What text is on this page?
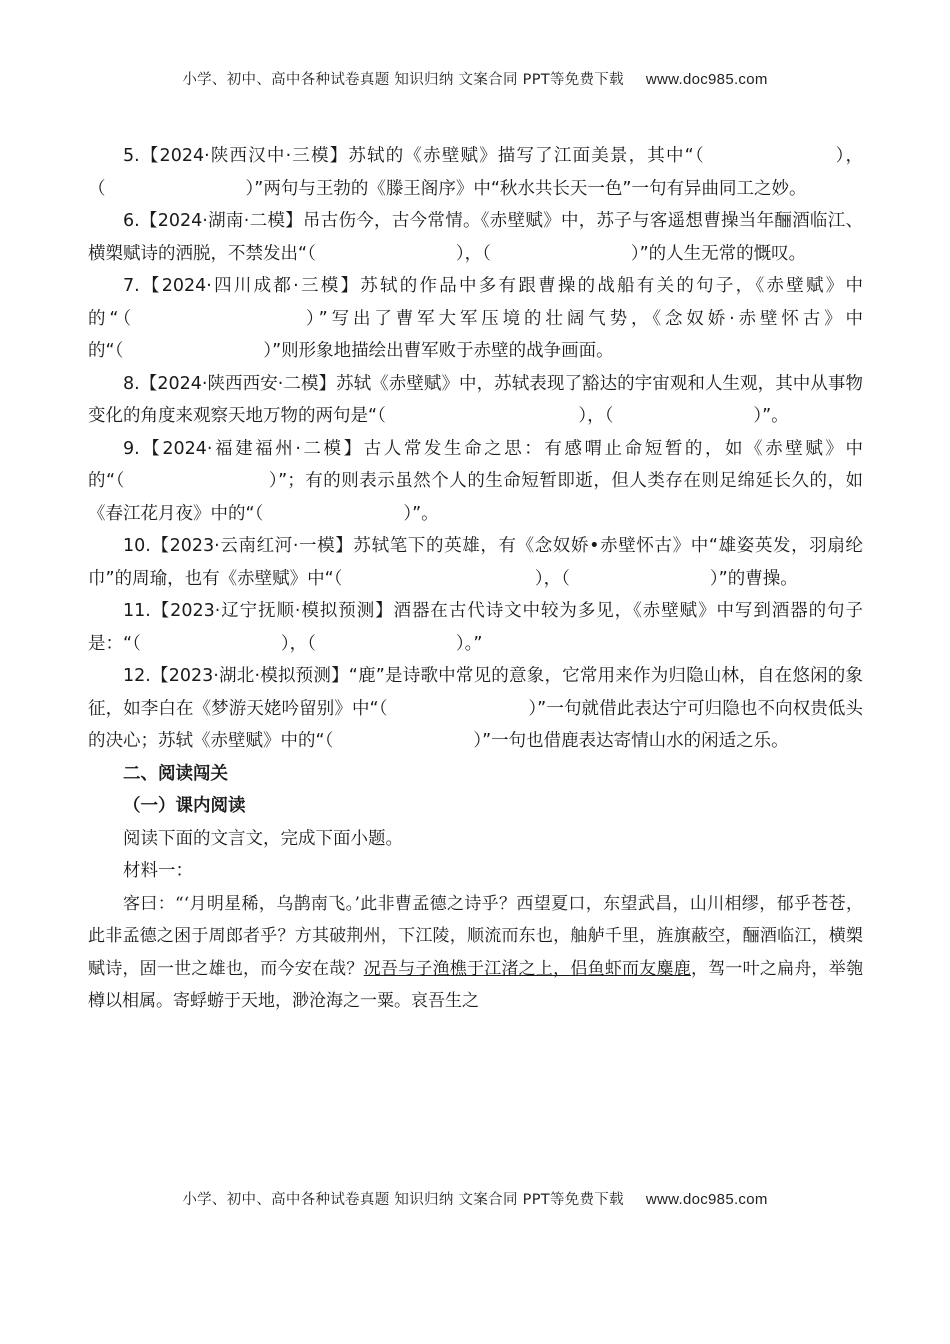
小学、初中、高中各种试卷真题 知识归纳 文案合同 PPT等免费下载 www.doc985.com

5.【2024·陕西汉中·三模】苏轼的《赤壁赋》描写了江面美景，其中“（　　　　　　　），（　　　　　　　　）”两句与王勃的《滕王阁序》中“秋水共长天一色”一句有异曲同工之妙。

6.【2024·湖南·二模】吊古伤今，古今常情。《赤壁赋》中，苏子与客遥想曹操当年酾酒临江、横槊赋诗的洒脱，不禁发出“（　　　　　　　　），（　　　　　　　　）”的人生无常的慨叹。

7.【2024·四川成都·三模】苏轼的作品中多有跟曹操的战船有关的句子，《赤壁赋》中的“（　　　　　　　　）”写出了曹军大军压境的壮阔气势，《念奴娇·赤壁怀古》中的“（　　　　　　　　）”则形象地描绘出曹军败于赤壁的战争画面。

8.【2024·陕西西安·二模】苏轼《赤壁赋》中，苏轼表现了豁达的宇宙观和人生观，其中从事物变化的角度来观察天地万物的两句是“（　　　　　　　　　　　），（　　　　　　　　）”。

9.【2024·福建福州·二模】古人常发生命之思：有感喟止命短暂的，如《赤壁赋》中的“（　　　　　　　　）”；有的则表示虽然个人的生命短暂即逝，但人类存在则足绵延长久的，如《春江花月夜》中的“（　　　　　　　　）”。

10.【2023·云南红河·一模】苏轼笔下的英雄，有《念奴娇•赤壁怀古》中“雄姿英发，羽扇纶巾”的周瑜，也有《赤壁赋》中“（　　　　　　　　　　　），（　　　　　　　　）”的曹操。

11.【2023·辽宁抚顺·模拟预测】酒器在古代诗文中较为多见，《赤壁赋》中写到酒器的句子是：“（　　　　　　　　），（　　　　　　　　）。”

12.【2023·湖北·模拟预测】“鹿”是诗歌中常见的意象，它常用来作为归隐山林，自在悠闲的象征，如李白在《梦游天姥吟留别》中“（　　　　　　　　）”一句就借此表达宁可归隐也不向权贵低头的决心；苏轼《赤壁赋》中的“（　　　　　　　　）”一句也借鹿表达寄情山水的闲适之乐。

二、阅读闯关

（一）课内阅读

阅读下面的文言文，完成下面小题。

材料一：

客曰：“‘月明星稀，乌鹊南飞。’此非曹孟德之诗乎？西望夏口，东望武昌，山川相缪，郁乎苍苍，此非孟德之困于周郎者乎？方其破荆州，下江陵，顺流而东也，舳舻千里，旌旗蔽空，酾酒临江，横槊赋诗，固一世之雄也，而今安在哉？况吾与子渔樵于江渚之上，侣鱼虾而友麋鹿，驾一叶之扁舟，举匏樽以相属。寄蜉蝣于天地，渺沧海之一粟。哀吾生之

小学、初中、高中各种试卷真题 知识归纳 文案合同 PPT等免费下载 www.doc985.com
